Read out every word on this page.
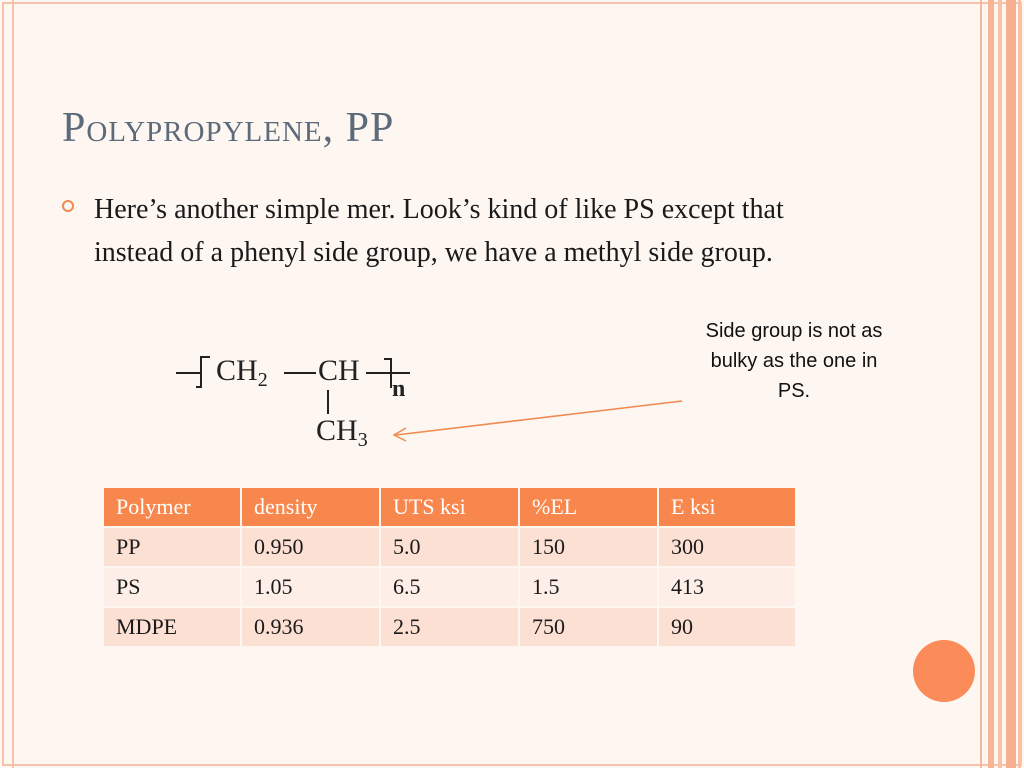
Polypropylene, PP
Here’s another simple mer. Look’s kind of like PS except that instead of a phenyl side group, we have a methyl side group.
Side group is not as bulky as the one in PS.
$CH_2$ CH
n
$CH_3$
Polymer	density	UTS ksi	%EL	E ksi
PP	0.950	5.0	150	300
PS	1.05	6.5	1.5	413
MDPE	0.936	2.5	750	90
